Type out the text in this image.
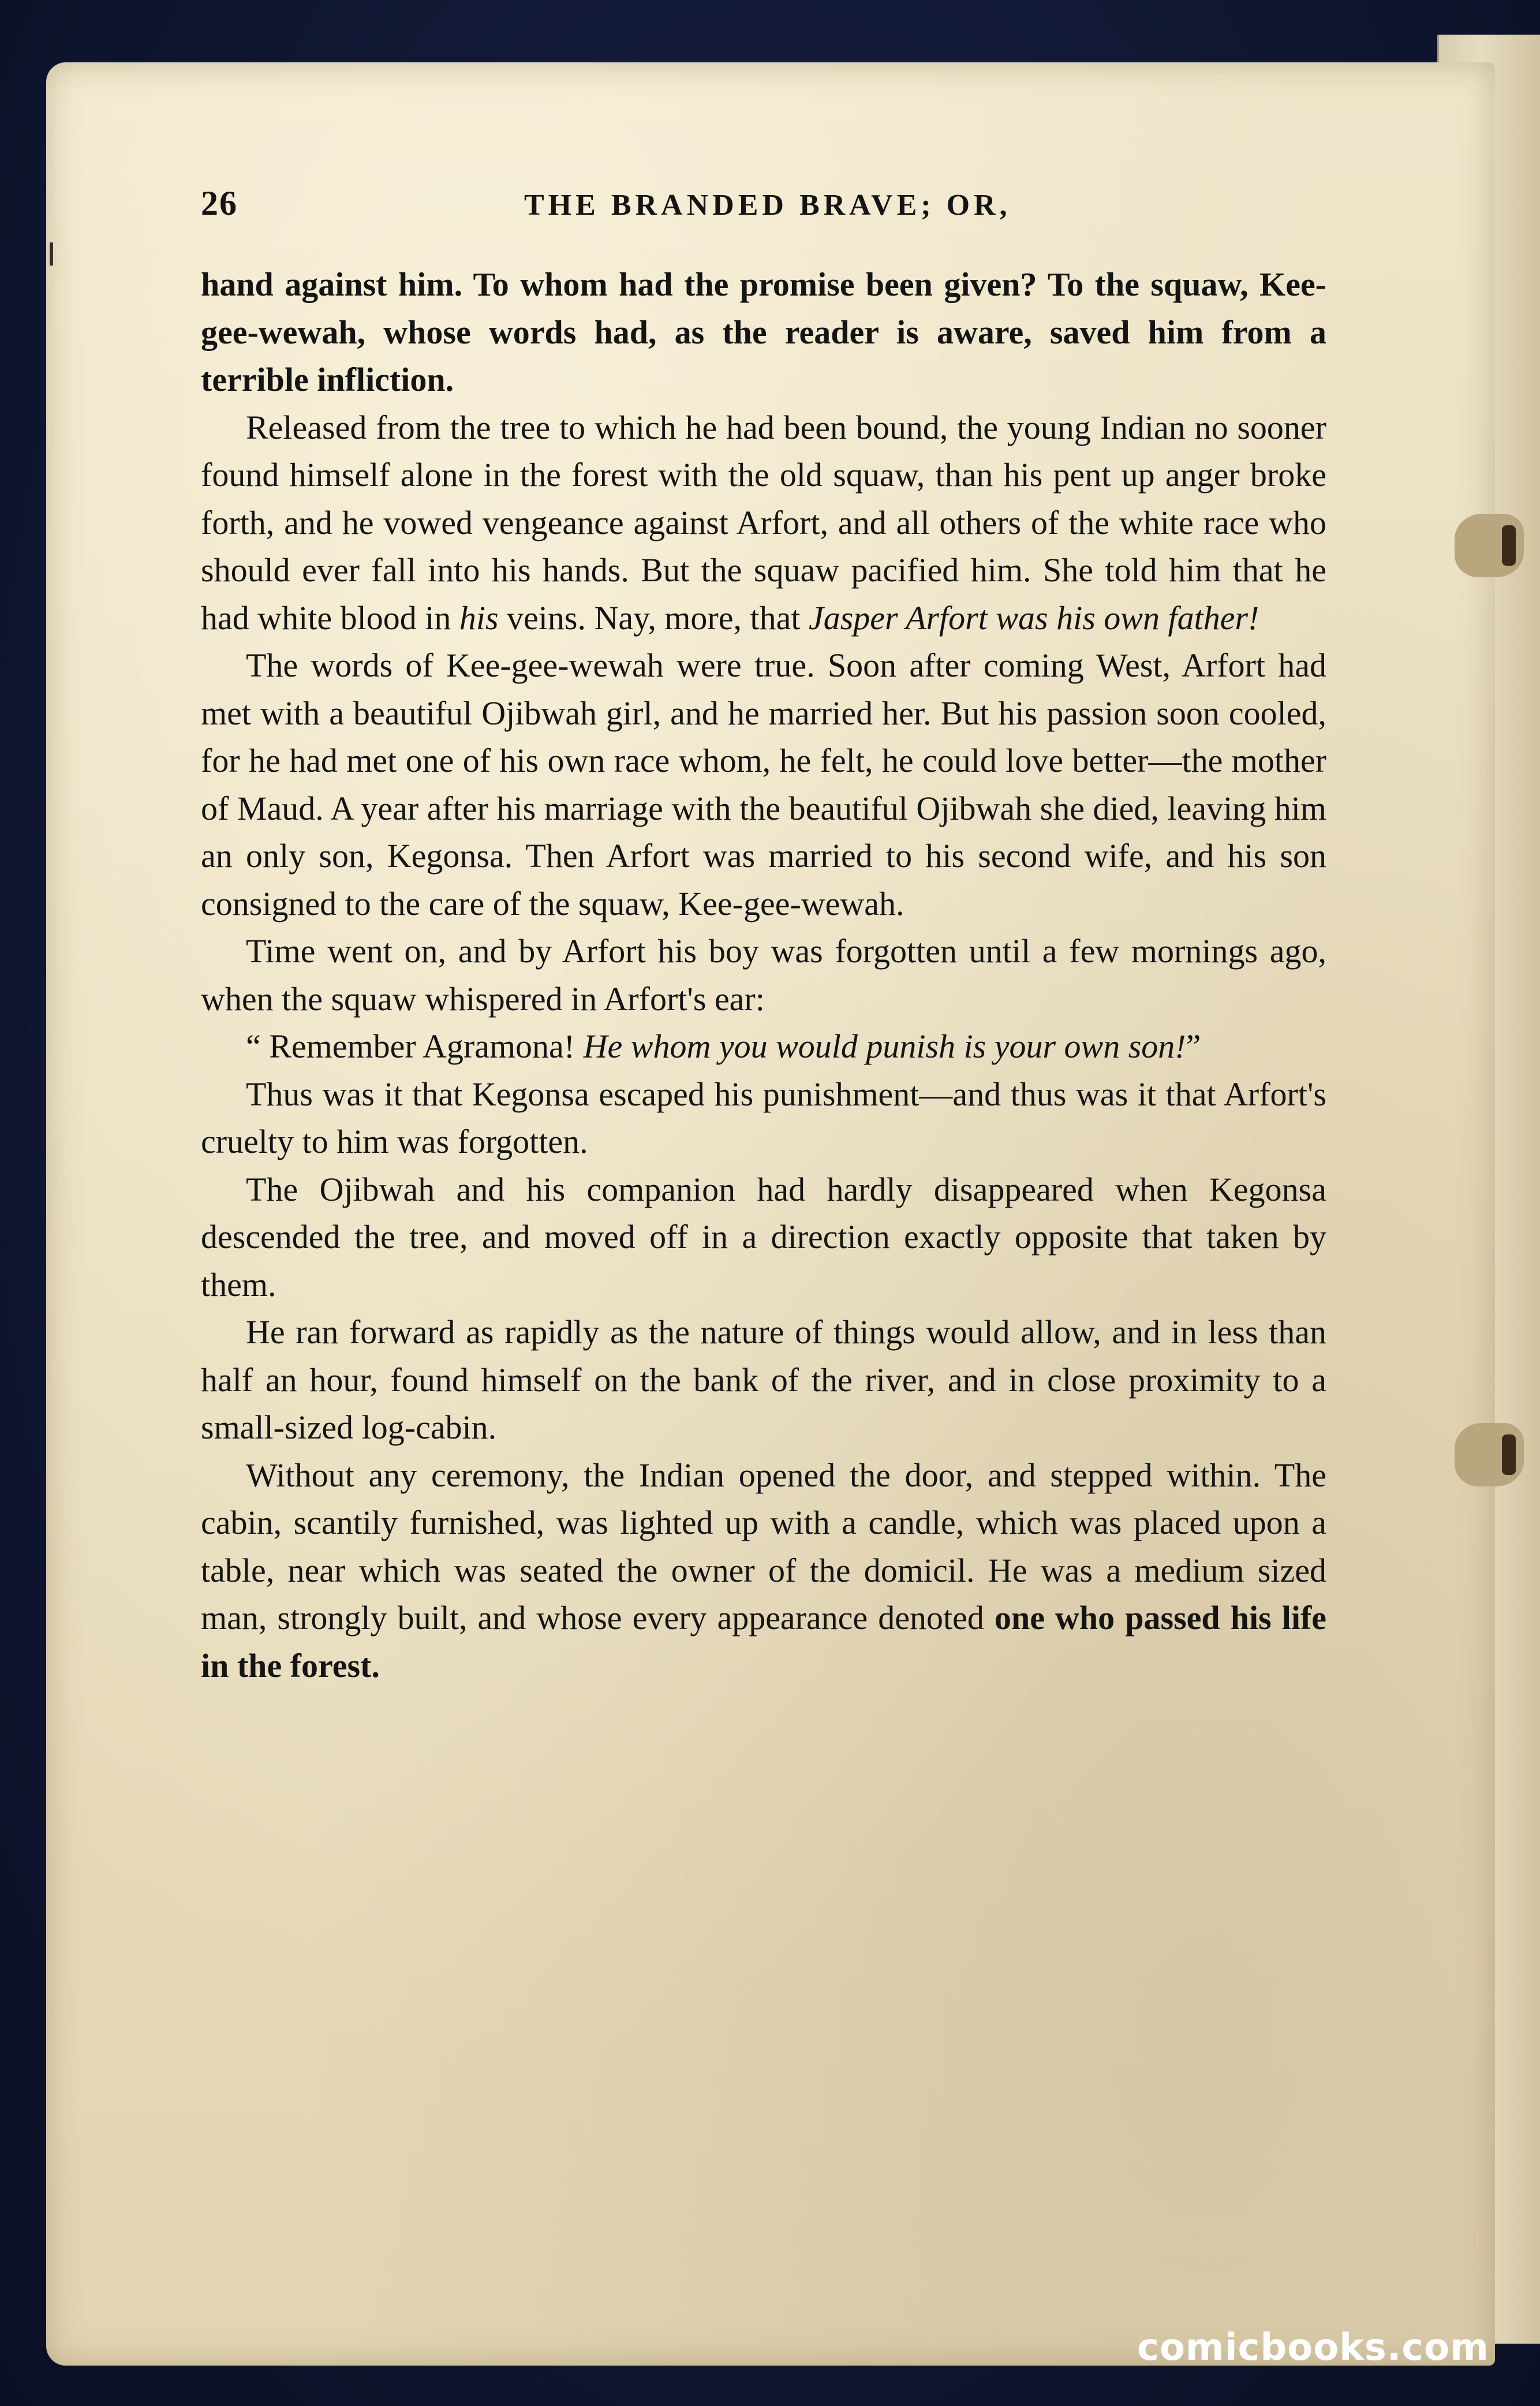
26	THE BRANDED BRAVE; OR,

hand against him. To whom had the promise been given? To the squaw, Kee-gee-wewah, whose words had, as the reader is aware, saved him from a terrible infliction.

Released from the tree to which he had been bound, the young Indian no sooner found himself alone in the forest with the old squaw, than his pent up anger broke forth, and he vowed vengeance against Arfort, and all others of the white race who should ever fall into his hands. But the squaw pacified him. She told him that he had white blood in his veins. Nay, more, that Jasper Arfort was his own father!

The words of Kee-gee-wewah were true. Soon after coming West, Arfort had met with a beautiful Ojibwah girl, and he married her. But his passion soon cooled, for he had met one of his own race whom, he felt, he could love better—the mother of Maud. A year after his marriage with the beautiful Ojibwah she died, leaving him an only son, Kegonsa. Then Arfort was married to his second wife, and his son consigned to the care of the squaw, Kee-gee-wewah.

Time went on, and by Arfort his boy was forgotten until a few mornings ago, when the squaw whispered in Arfort's ear:

“ Remember Agramona! He whom you would punish is your own son!”

Thus was it that Kegonsa escaped his punishment—and thus was it that Arfort's cruelty to him was forgotten.

The Ojibwah and his companion had hardly disappeared when Kegonsa descended the tree, and moved off in a direction exactly opposite that taken by them.

He ran forward as rapidly as the nature of things would allow, and in less than half an hour, found himself on the bank of the river, and in close proximity to a small-sized log-cabin.

Without any ceremony, the Indian opened the door, and stepped within. The cabin, scantily furnished, was lighted up with a candle, which was placed upon a table, near which was seated the owner of the domicil. He was a medium sized man, strongly built, and whose every appearance denoted one who passed his life in the forest.

comicbooks.com
